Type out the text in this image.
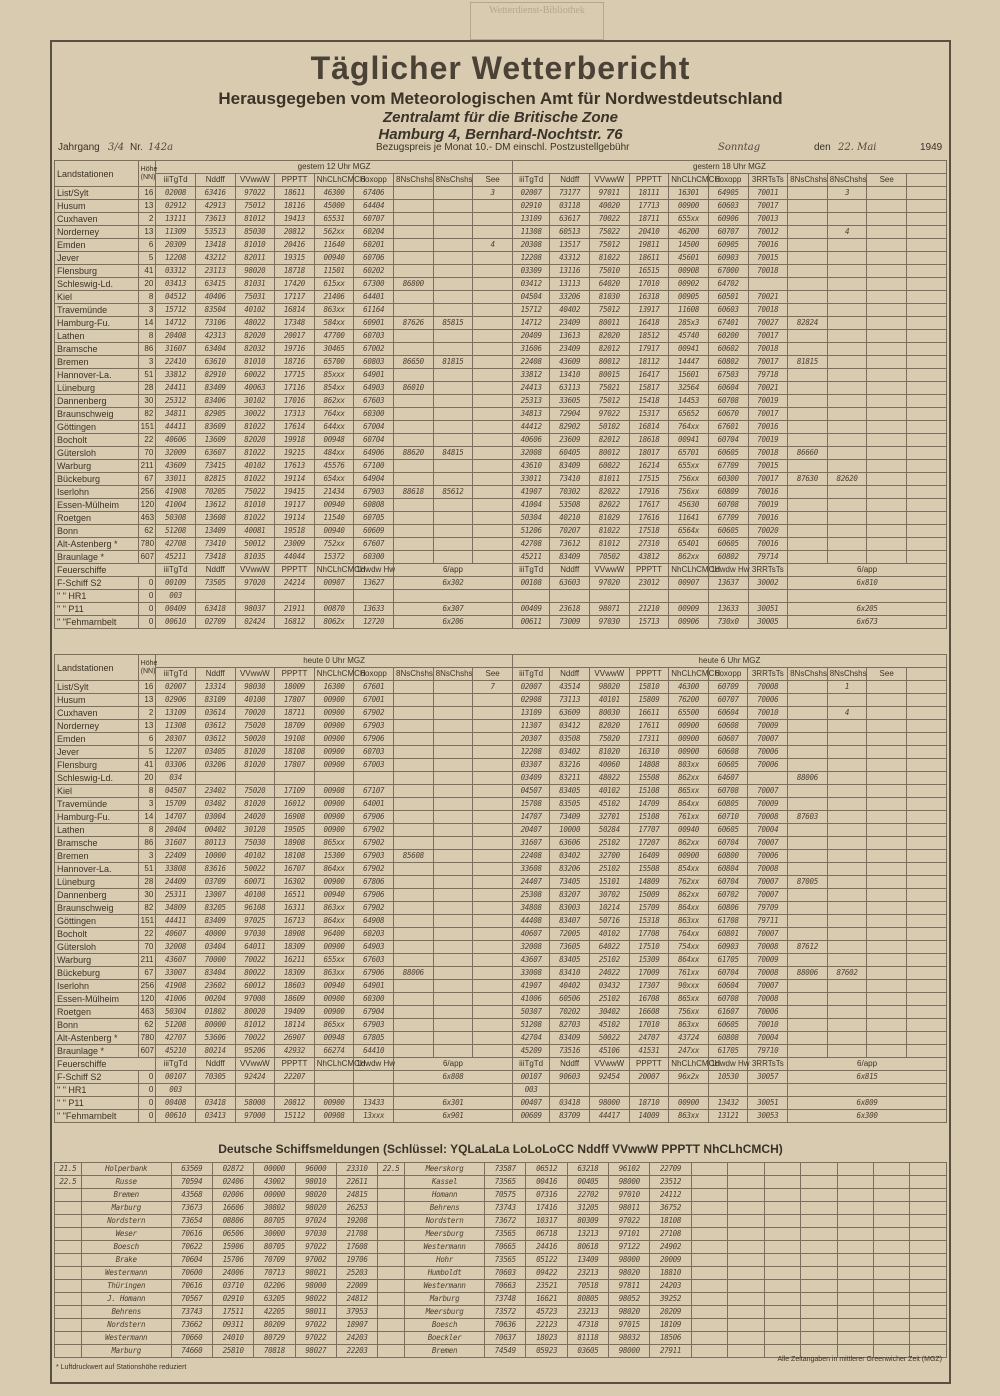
Wetterdienst-Bibliothek
Täglicher Wetterbericht
Herausgegeben vom Meteorologischen Amt für Nordwestdeutschland
Zentralamt für die Britische Zone
Hamburg 4, Bernhard-Nochtstr. 76
Jahrgang 3/4 Nr. 142a	Bezugspreis je Monat 10.- DM einschl. Postzustellgebühr	Sonntag	den 22. Mai	1949
Landstationen	Höhe (NN)	gestern 12 Uhr MGZ									gestern 18 Uhr MGZ										
		iiiTgTd	Nddff	VVwwW	PPPTT	NhCLhCMCH	6oxopp	8NsChshs	8NsChshs	See	iiiTgTd	Nddff	VVwwW	PPPTT	NhCLhCMCH	6oxopp	3RRTsTs	8NsChshs	8NsChshs	See	
List/Sylt	16	02008	63416	97022	18611	46300	67406			3	02007	73177	97011	18111	16301	64905	70011		3		
Husum	13	02912	42913	75012	18116	45000	64404				02910	03118	40020	17713	00900	60603	70017				
Cuxhaven	2	13111	73613	81012	19413	65531	60707				13109	63617	70022	18711	655xx	60906	70013				
Norderney	13	11309	53513	85030	20812	562xx	60204				11308	60513	75022	20410	46200	60707	70012		4		
Emden	6	20309	13418	81010	20416	11640	60201			4	20308	13517	75012	19811	14500	60905	70016				
Jever	5	12208	43212	82011	19315	00940	60706				12208	43312	81022	18611	45601	60903	70015				
Flensburg	41	03312	23113	98020	18718	11501	60202				03309	13116	75010	16515	00908	67000	70018				
Schleswig-Ld.	20	03413	63415	81031	17420	615xx	67300	86800			03412	13113	64020	17010	00902	64702					
Kiel	8	04512	40406	75031	17117	21406	64401				04504	33206	81030	16318	00905	60501	70021				
Travemünde	3	15712	83504	40102	16814	863xx	61164				15712	40402	75012	13917	11608	60603	70018				
Hamburg-Fu.	14	14712	73106	48022	17348	584xx	60901	87626	85815		14712	23409	80011	16418	285x3	67401	70027	82824			
Lathen	8	20408	42313	82020	20017	47700	60703				20409	13613	82020	18512	45740	60200	70017				
Bramsche	86	31607	63404	82032	19716	30465	67002				31606	23409	82012	17917	00941	60602	70018				
Bremen	3	22410	63610	81010	18716	65700	60803	86650	81815		22408	43609	80012	18112	14447	60802	70017	81815			
Hannover-La.	51	33812	82910	60022	17715	85xxx	64901				33812	13410	80015	16417	15601	67503	79718				
Lüneburg	28	24411	83409	40063	17116	854xx	64903	86010			24413	63113	75021	15817	32564	60604	70021				
Dannenberg	30	25312	83406	30102	17016	862xx	67603				25313	33605	75012	15418	14453	60708	70019				
Braunschweig	82	34811	82905	30022	17313	764xx	60300				34813	72904	97022	15317	65652	60670	70017				
Göttingen	151	44411	83609	81022	17614	644xx	67004				44412	82902	50102	16814	764xx	67601	70016				
Bocholt	22	40606	13609	82020	19918	00948	60704				40606	23609	82012	18618	00941	60704	70019				
Gütersloh	70	32009	63607	81022	19215	484xx	64906	88620	84815		32008	60405	80012	18017	65701	60605	70018	86660			
Warburg	211	43609	73415	40102	17613	45576	67100				43610	83409	60022	16214	655xx	67709	70015				
Bückeburg	67	33011	82815	81022	19114	654xx	64904				33011	73410	81011	17515	756xx	60300	70017	87630	82620		
Iserlohn	256	41908	70205	75022	19415	21434	67903	88618	85612		41907	70302	82022	17916	756xx	60809	70016				
Essen-Mülheim	120	41004	13612	81010	19117	00940	60808				41004	53508	82022	17617	45630	60708	70019				
Roetgen	463	50308	13608	81022	19114	11540	60705				50304	40210	81029	17616	11641	67709	70016				
Bonn	62	51208	13409	40081	19518	00940	60609				51206	70207	81022	17518	6564x	60605	70020				
Alt-Astenberg *	780	42708	73410	50012	23009	752xx	67607				42708	73612	81012	27310	65401	60605	70016				
Braunlage *	607	45211	73418	81035	44044	15372	60300				45211	83409	70502	43812	862xx	60802	79714				
Feuerschiffe		iiiTgTd	Nddff	VVwwW	PPPTT	NhCLhCMCH	1dwdw Hw	6/app			iiiTgTd	Nddff	VVwwW	PPPTT	NhCLhCMCH	1dwdw Hw	3RRTsTs	6/app			
F-Schiff S2	0	00109	73505	97020	24214	00907	13627	6x302			00108	63603	97020	23012	00907	13637	30002	6x810			
" " HR1	0	003																			
" " P11	0	00409	63418	98037	21911	00870	13633	6x307			00409	23618	98071	21210	00909	13633	30051	6x205			
" "Fehmarnbelt	0	00610	02709	02424	16812	8062x	12720	6x206			00611	73009	97030	15713	00906	730x0	30005	6x673			
Landstationen	Höhe (NN)	heute 0 Uhr MGZ									heute 6 Uhr MGZ										
		iiiTgTd	Nddff	VVwwW	PPPTT	NhCLhCMCH	6oxopp	8NsChshs	8NsChshs	See	iiiTgTd	Nddff	VVwwW	PPPTT	NhCLhCMCH	6oxopp	3RRTsTs	8NsChshs	8NsChshs	See	
List/Sylt	16	02007	13314	98030	18009	16300	67601			7	02007	43514	98020	15810	46300	60709	70008		1		
Husum	13	02906	83109	40100	17807	00900	67001				02908	73113	40101	15809	76200	60707	70006				
Cuxhaven	2	13109	03614	70020	18711	00900	67902				13109	63609	80030	16611	65500	60604	70010		4		
Norderney	13	11308	03612	75020	18709	00900	67903				11307	03412	82020	17611	00900	60608	70009				
Emden	6	20307	03612	50020	19108	00900	67906				20307	03508	75020	17311	00900	60607	70007				
Jever	5	12207	03405	81020	18108	00900	60703				12208	03402	81020	16310	00900	60608	70006				
Flensburg	41	03306	03206	81020	17807	00900	67003				03307	83216	40060	14808	803xx	60605	70006				
Schleswig-Ld.	20	034									03409	83211	48022	15508	862xx	64607		88006			
Kiel	8	04507	23402	75020	17109	00908	67107				04507	83405	40102	15108	865xx	60708	70007				
Travemünde	3	15709	03402	81020	16012	00900	64001				15708	83505	45102	14709	864xx	60805	70009				
Hamburg-Fu.	14	14707	03004	24020	16908	00900	67906				14707	73409	32701	15108	761xx	60710	70008	87603			
Lathen	8	20404	00402	30120	19505	00900	67902				20407	10000	50284	17707	00940	60605	70004				
Bramsche	86	31607	80113	75030	18908	865xx	67902				31607	63606	25102	17207	862xx	60704	70007				
Bremen	3	22409	10000	40102	18108	15300	67903	85608			22408	03402	32700	16409	00900	60800	70006				
Hannover-La.	51	33808	83616	50022	16707	864xx	67902				33608	83206	25102	15508	854xx	60804	70008				
Lüneburg	28	24409	03709	60071	16302	00900	67806				24407	73405	15101	14809	762xx	60704	70007	87005			
Dannenberg	30	25311	13007	40100	16511	00940	67906				25308	83207	30702	15009	862xx	60702	70007				
Braunschweig	82	34809	83205	96108	16311	863xx	67902				34808	83003	10214	15709	864xx	60806	79709				
Göttingen	151	44411	83409	97025	16713	864xx	64908				44408	83407	50716	15318	863xx	61708	79711				
Bocholt	22	40607	40000	97030	18908	96400	60203				40607	72005	40102	17708	764xx	60801	70007				
Gütersloh	70	32008	03404	64011	18309	00900	64903				32008	73605	64022	17510	754xx	60903	70008	87612			
Warburg	211	43607	70000	70022	16211	655xx	67603				43607	83405	25102	15309	864xx	61705	70009				
Bückeburg	67	33007	83404	80022	18309	863xx	67906	88006			33008	83410	24022	17009	761xx	60704	70008	88006	87602		
Iserlohn	256	41908	23602	60012	18603	00940	64901				41907	40402	03432	17307	90xxx	60604	70007				
Essen-Mülheim	120	41006	00204	97000	18609	00900	60300				41006	60506	25102	16708	865xx	60708	70008				
Roetgen	463	50304	01802	80020	19409	00900	67904				50307	70202	30402	16608	756xx	61607	70006				
Bonn	62	51208	80000	81012	18114	865xx	67903				51208	82703	45102	17010	863xx	60605	70010				
Alt-Astenberg *	780	42707	53606	70022	26907	00948	67805				42704	83409	50022	24707	43724	60808	70004				
Braunlage *	607	45210	80214	95206	42932	66274	64410				45209	73516	45106	41531	247xx	61705	79710				
Feuerschiffe		iiiTgTd	Nddff	VVwwW	PPPTT	NhCLhCMCH	1dwdw Hw	6/app			iiiTgTd	Nddff	VVwwW	PPPTT	NhCLhCMCH	1dwdw Hw	3RRTsTs	6/app			
F-Schiff S2	0	00107	70305	92424	22207			6x808			00107	90603	92454	20007	96x2x	10530	30057	6x815			
" " HR1	0	003									003										
" " P11	0	00408	03418	58000	20812	00900	13433	6x301			00407	03418	98000	18710	00900	13432	30051	6x809			
" "Fehmarnbelt	0	00610	03413	97000	15112	00908	13xxx	6x901			00609	83709	44417	14009	863xx	13121	30053	6x300			
Deutsche Schiffsmeldungen (Schlüssel: YQLaLaLa LoLoLoCC Nddff VVwwW PPPTT NhCLhCMCH)
21.5	Holperbank	63569	02872	00000	96000	23310	22.5	Meerskorg	73587	06512	63218	96102	22709							
22.5	Russe	70594	02406	43002	98010	22611		Kassel	73565	00416	00405	98000	23512							
	Bremen	43568	02006	00000	98020	24815		Homann	70575	07316	22702	97010	24112							
	Marburg	73673	16606	30802	98020	26253		Behrens	73743	17416	31205	98011	36752							
	Nordstern	73654	08806	80705	97024	19208		Nordstern	73672	10317	80309	97022	18108							
	Weser	70616	06506	30000	97030	21708		Meersburg	73565	06718	13213	97101	27108							
	Boesch	70622	15906	80705	97022	17608		Westermann	70665	24416	80618	97122	24902							
	Brake	70604	15706	70709	97002	19706		Hohr	73565	05122	13409	98000	20009							
	Westermann	70600	24006	70713	98021	25203		Humboldt	70603	09422	23213	98020	18810							
	Thüringen	70616	03710	02206	98000	22009		Westermann	70663	23521	70518	97811	24203							
	J. Homann	70567	02910	63205	98022	24812		Marburg	73748	16621	80805	98052	39252							
	Behrens	73743	17511	42205	98011	37953		Meersburg	73572	45723	23213	98020	20209							
	Nordstern	73662	09311	80209	97022	18907		Boesch	70636	22123	47318	97015	18109							
	Westermann	70660	24010	80729	97022	24203		Boeckler	70637	18023	81118	98032	18506							
	Marburg	74660	25810	70818	98027	22203		Bremen	74549	05923	03605	98000	27911							
* Luftdruckwert auf Stationshöhe reduziert
Alle Zeitangaben in mittlerer Greenwicher Zeit (MGZ)
